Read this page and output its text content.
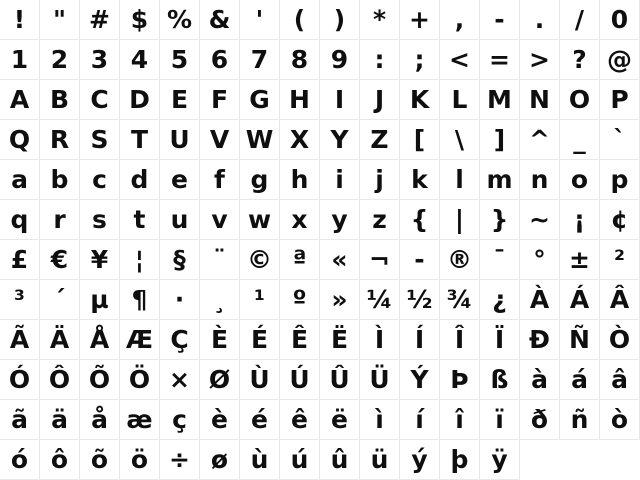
!	" # $ % &	'	(	)	* + ,	-	.	/	0
1 2 3 4 5 6 7 8 9	:	; < = > ? @
A B C D E F G H I	J	K L M N O P
Q R S T U V W X Y Z	[	\	] ^ _	`
a b c d e	f	g h	i	j	k	l m n o p
q r	s	t	u v w x y z {	|	} ~ ¡	¢
£ € ¥	¦	§	¨ © ª « ¬ - ® ¯	° ± ²
³	´ µ ¶	·	¸	¹	º » ¼ ½ ¾ ¿ À Á Â
Ã Ä Å Æ Ç È É Ê Ë	Ì	Í	Î	Ï Ð Ñ Ò
Ó Ô Õ Ö × Ø Ù Ú Û Ü Ý Þ ß à á â
ã ä å æ ç è é ê ë	ì	í	î	ï	ð ñ ò
ó ô õ ö ÷ ø ù ú û ü ý þ ÿ
